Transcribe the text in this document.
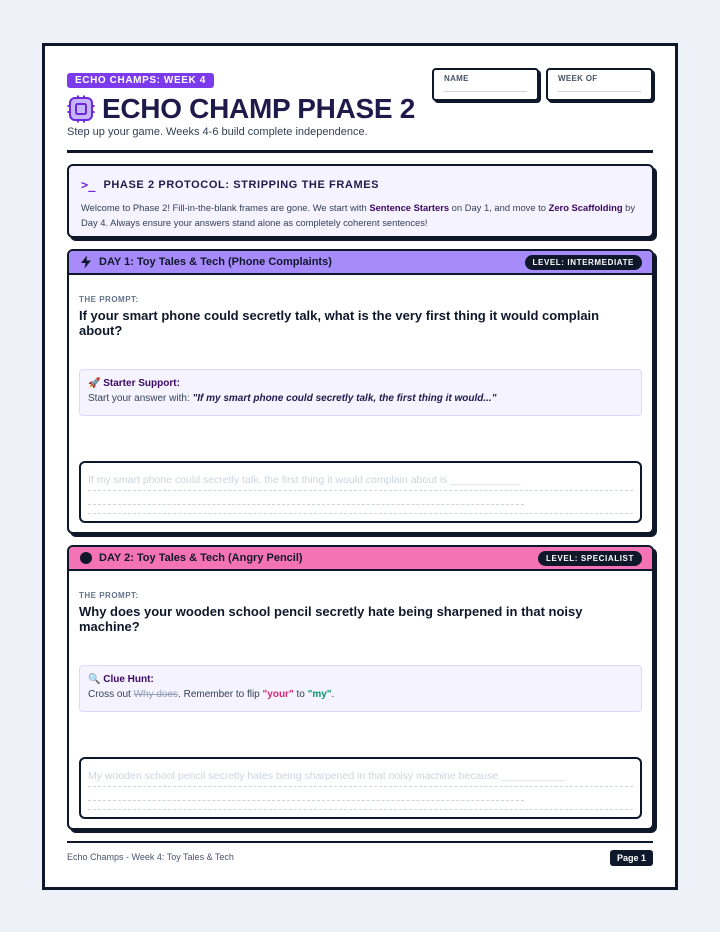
ECHO CHAMPS: WEEK 4
ECHO CHAMP PHASE 2
Step up your game. Weeks 4-6 build complete independence.
NAME	WEEK OF
>_ PHASE 2 PROTOCOL: STRIPPING THE FRAMES
Welcome to Phase 2! Fill-in-the-blank frames are gone. We start with Sentence Starters on Day 1, and move to Zero Scaffolding by Day 4. Always ensure your answers stand alone as completely coherent sentences!
DAY 1: Toy Tales & Tech (Phone Complaints)	LEVEL: INTERMEDIATE
THE PROMPT:
If your smart phone could secretly talk, what is the very first thing it would complain about?
🚀 Starter Support:
Start your answer with: "If my smart phone could secretly talk, the first thing it would..."
If my smart phone could secretly talk, the first thing it would complain about is ____________
DAY 2: Toy Tales & Tech (Angry Pencil)	LEVEL: SPECIALIST
THE PROMPT:
Why does your wooden school pencil secretly hate being sharpened in that noisy machine?
🔍 Clue Hunt:
Cross out Why does. Remember to flip "your" to "my".
My wooden school pencil secretly hates being sharpened in that noisy machine because ___________
Echo Champs - Week 4: Toy Tales & Tech	Page 1
